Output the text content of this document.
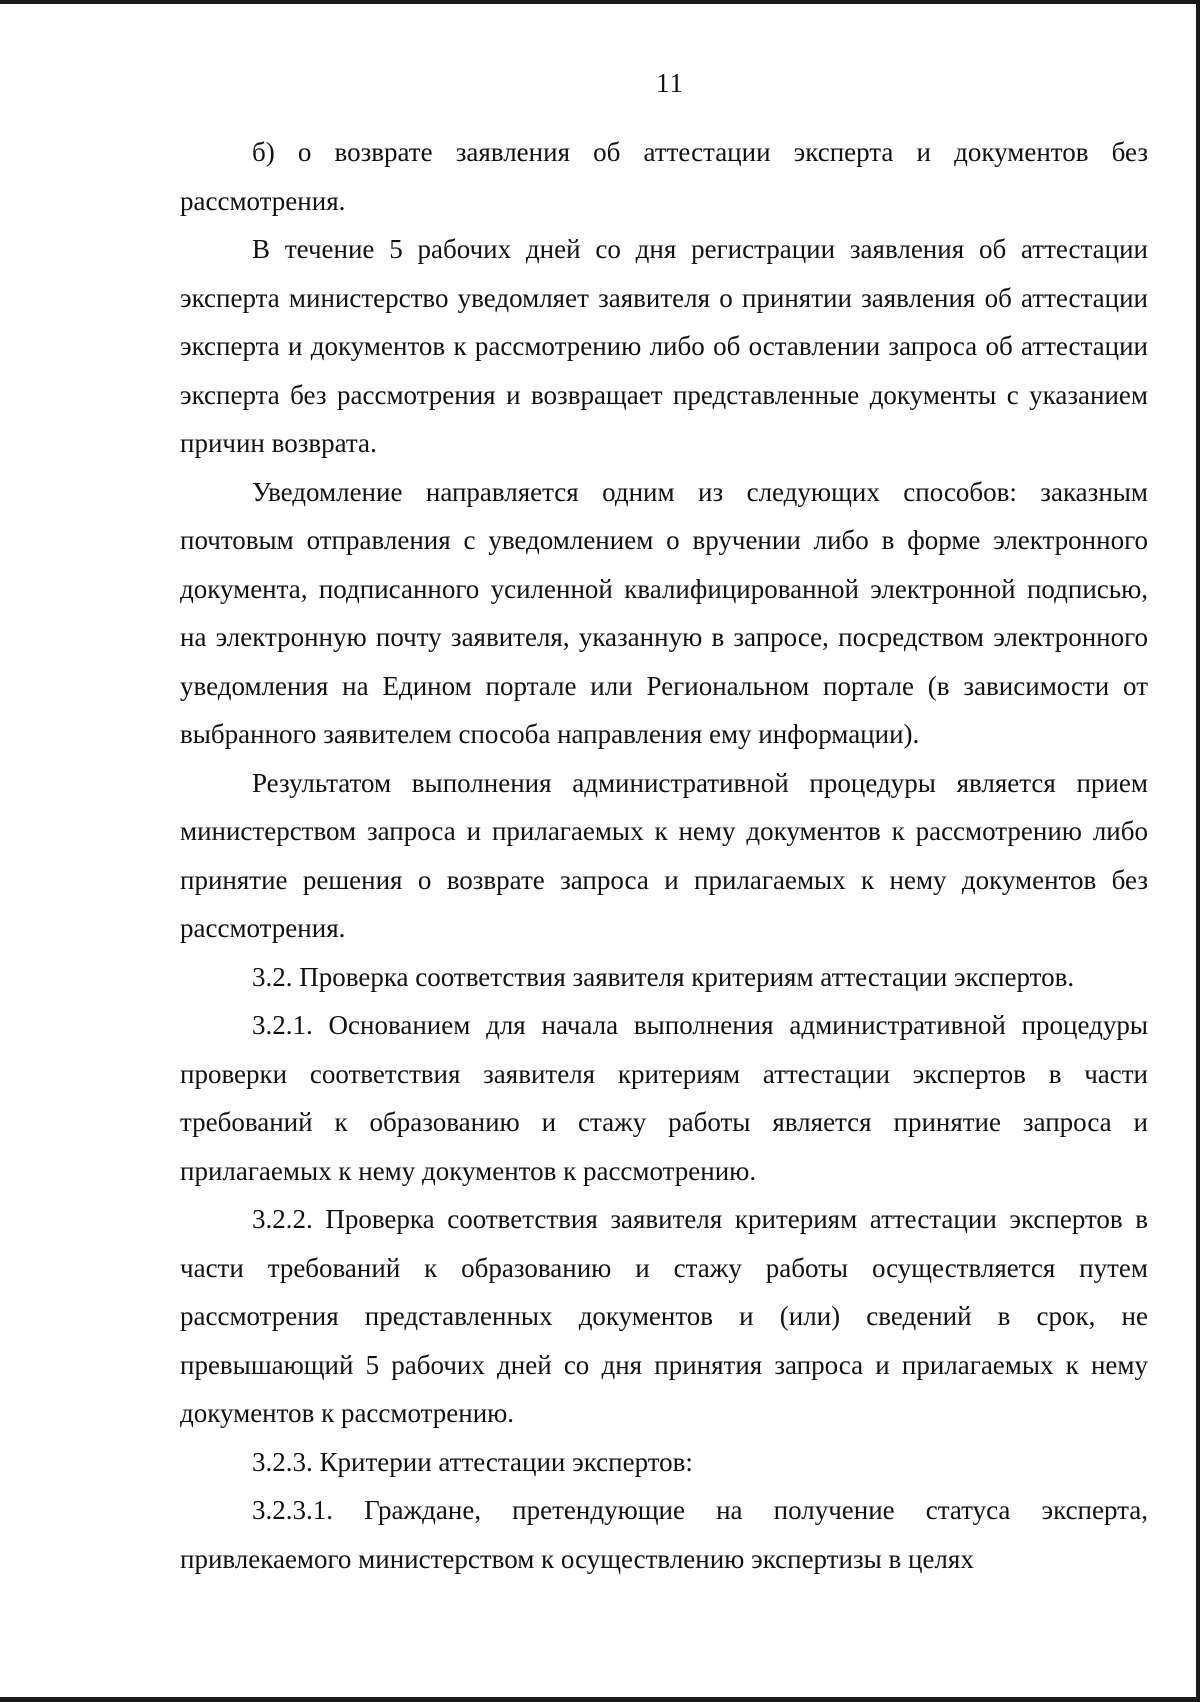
11

б) о возврате заявления об аттестации эксперта и документов без рассмотрения.

В течение 5 рабочих дней со дня регистрации заявления об аттестации эксперта министерство уведомляет заявителя о принятии заявления об аттестации эксперта и документов к рассмотрению либо об оставлении запроса об аттестации эксперта без рассмотрения и возвращает представленные документы с указанием причин возврата.

Уведомление направляется одним из следующих способов: заказным почтовым отправления с уведомлением о вручении либо в форме электронного документа, подписанного усиленной квалифицированной электронной подписью, на электронную почту заявителя, указанную в запросе, посредством электронного уведомления на Едином портале или Региональном портале (в зависимости от выбранного заявителем способа направления ему информации).

Результатом выполнения административной процедуры является прием министерством запроса и прилагаемых к нему документов к рассмотрению либо принятие решения о возврате запроса и прилагаемых к нему документов без рассмотрения.

3.2. Проверка соответствия заявителя критериям аттестации экспертов.

3.2.1. Основанием для начала выполнения административной процедуры проверки соответствия заявителя критериям аттестации экспертов в части требований к образованию и стажу работы является принятие запроса и прилагаемых к нему документов к рассмотрению.

3.2.2. Проверка соответствия заявителя критериям аттестации экспертов в части требований к образованию и стажу работы осуществляется путем рассмотрения представленных документов и (или) сведений в срок, не превышающий 5 рабочих дней со дня принятия запроса и прилагаемых к нему документов к рассмотрению.

3.2.3. Критерии аттестации экспертов:

3.2.3.1. Граждане, претендующие на получение статуса эксперта, привлекаемого министерством к осуществлению экспертизы в целях
